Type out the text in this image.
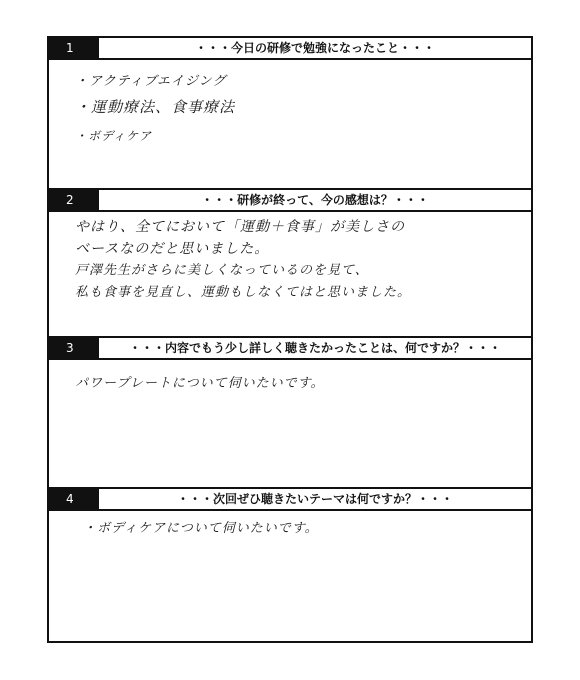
1	・・・今日の研修で勉強になったこと・・・
・アクティブエイジング
・運動療法、食事療法
・ボディケア
2	・・・研修が終って、今の感想は？・・・
やはり、全てにおいて「運動＋食事」が美しさの
ベースなのだと思いました。
戸澤先生がさらに美しくなっているのを見て、
私も食事を見直し、運動もしなくてはと思いました。
3	・・・内容でもう少し詳しく聴きたかったことは、何ですか？・・・
パワープレートについて伺いたいです。
4	・・・次回ぜひ聴きたいテーマは何ですか？・・・
・ボディケアについて伺いたいです。
